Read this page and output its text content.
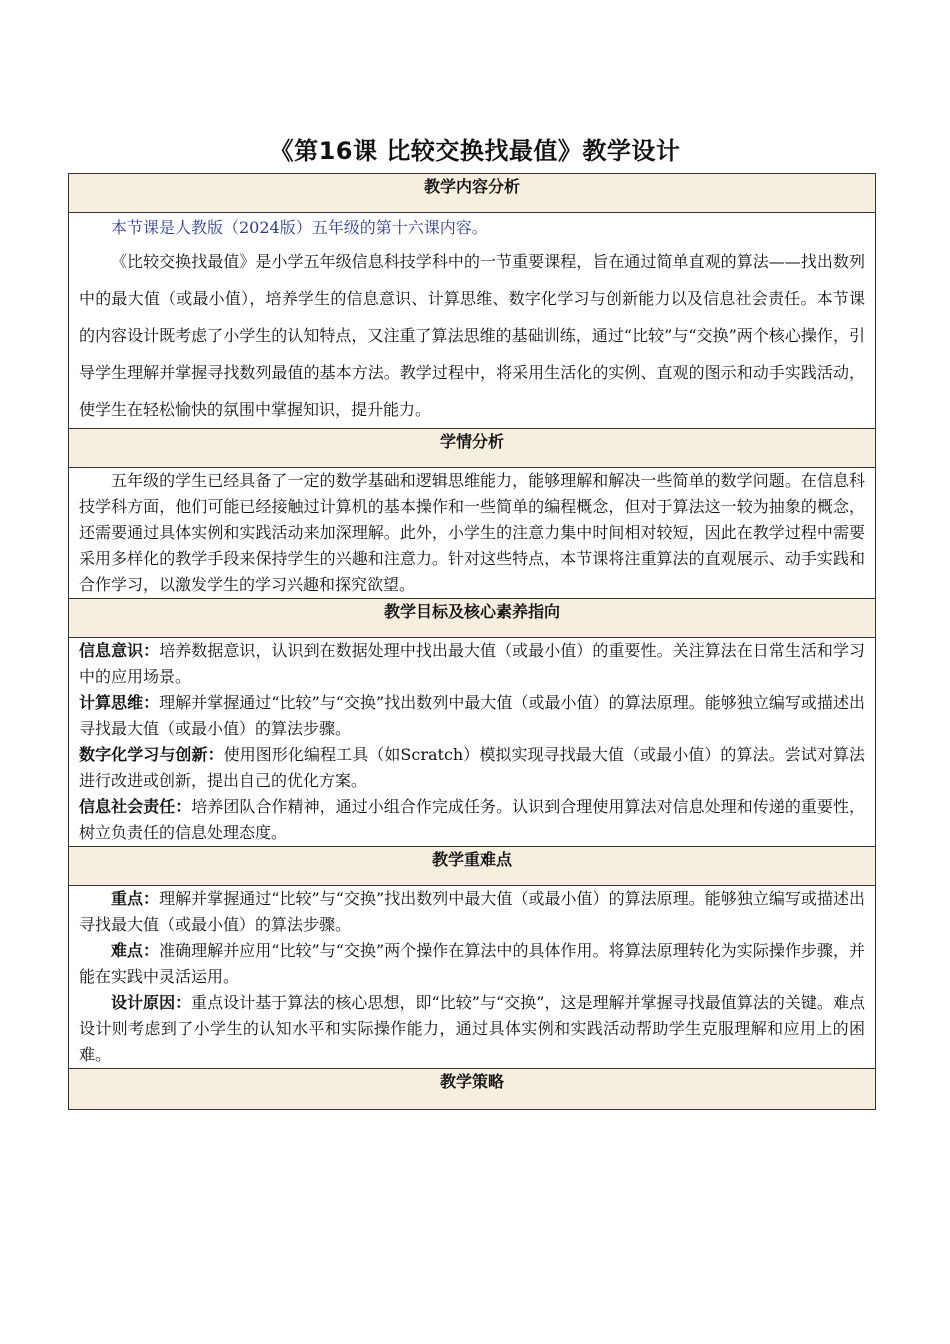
《第16课 比较交换找最值》教学设计
教学内容分析

本节课是人教版（2024版）五年级的第十六课内容。

《比较交换找最值》是小学五年级信息科技学科中的一节重要课程，旨在通过简单直观的算法——找出数列中的最大值（或最小值），培养学生的信息意识、计算思维、数字化学习与创新能力以及信息社会责任。本节课的内容设计既考虑了小学生的认知特点，又注重了算法思维的基础训练，通过“比较”与“交换”两个核心操作，引导学生理解并掌握寻找数列最值的基本方法。教学过程中，将采用生活化的实例、直观的图示和动手实践活动，使学生在轻松愉快的氛围中掌握知识，提升能力。

学情分析

五年级的学生已经具备了一定的数学基础和逻辑思维能力，能够理解和解决一些简单的数学问题。在信息科技学科方面，他们可能已经接触过计算机的基本操作和一些简单的编程概念，但对于算法这一较为抽象的概念，还需要通过具体实例和实践活动来加深理解。此外，小学生的注意力集中时间相对较短，因此在教学过程中需要采用多样化的教学手段来保持学生的兴趣和注意力。针对这些特点，本节课将注重算法的直观展示、动手实践和合作学习，以激发学生的学习兴趣和探究欲望。

教学目标及核心素养指向

信息意识：培养数据意识，认识到在数据处理中找出最大值（或最小值）的重要性。关注算法在日常生活和学习中的应用场景。

计算思维：理解并掌握通过“比较”与“交换”找出数列中最大值（或最小值）的算法原理。能够独立编写或描述出寻找最大值（或最小值）的算法步骤。

数字化学习与创新：使用图形化编程工具（如Scratch）模拟实现寻找最大值（或最小值）的算法。尝试对算法进行改进或创新，提出自己的优化方案。

信息社会责任：培养团队合作精神，通过小组合作完成任务。认识到合理使用算法对信息处理和传递的重要性，树立负责任的信息处理态度。

教学重难点

重点：理解并掌握通过“比较”与“交换”找出数列中最大值（或最小值）的算法原理。能够独立编写或描述出寻找最大值（或最小值）的算法步骤。

难点：准确理解并应用“比较”与“交换”两个操作在算法中的具体作用。将算法原理转化为实际操作步骤，并能在实践中灵活运用。

设计原因：重点设计基于算法的核心思想，即“比较”与“交换”，这是理解并掌握寻找最值算法的关键。难点设计则考虑到了小学生的认知水平和实际操作能力，通过具体实例和实践活动帮助学生克服理解和应用上的困难。

教学策略
